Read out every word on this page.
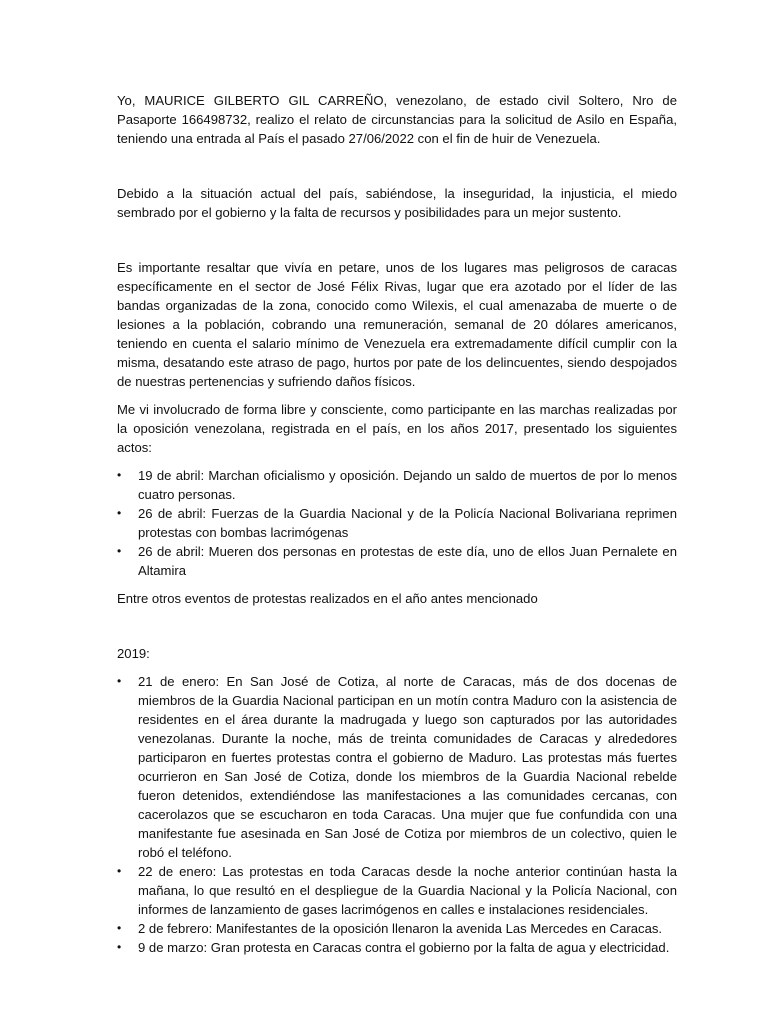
Yo, MAURICE GILBERTO GIL CARREÑO, venezolano, de estado civil Soltero, Nro de Pasaporte 166498732, realizo el relato de circunstancias para la solicitud de Asilo en España, teniendo una entrada al País el pasado 27/06/2022 con el fin de huir de Venezuela.

Debido a la situación actual del país, sabiéndose, la inseguridad, la injusticia, el miedo sembrado por el gobierno y la falta de recursos y posibilidades para un mejor sustento.

Es importante resaltar que vivía en petare, unos de los lugares mas peligrosos de caracas específicamente en el sector de José Félix Rivas, lugar que era azotado por el líder de las bandas organizadas de la zona, conocido como Wilexis, el cual amenazaba de muerte o de lesiones a la población, cobrando una remuneración, semanal de 20 dólares americanos, teniendo en cuenta el salario mínimo de Venezuela era extremadamente difícil cumplir con la misma, desatando este atraso de pago, hurtos por pate de los delincuentes, siendo despojados de nuestras pertenencias y sufriendo daños físicos.

Me vi involucrado de forma libre y consciente, como participante en las marchas realizadas por la oposición venezolana, registrada en el país, en los años 2017, presentado los siguientes actos:

• 19 de abril: Marchan oficialismo y oposición. Dejando un saldo de muertos de por lo menos cuatro personas.
• 26 de abril: Fuerzas de la Guardia Nacional y de la Policía Nacional Bolivariana reprimen protestas con bombas lacrimógenas
• 26 de abril: Mueren dos personas en protestas de este día, uno de ellos Juan Pernalete en Altamira

Entre otros eventos de protestas realizados en el año antes mencionado

2019:

• 21 de enero: En San José de Cotiza, al norte de Caracas, más de dos docenas de miembros de la Guardia Nacional participan en un motín contra Maduro con la asistencia de residentes en el área durante la madrugada y luego son capturados por las autoridades venezolanas. Durante la noche, más de treinta comunidades de Caracas y alrededores participaron en fuertes protestas contra el gobierno de Maduro. Las protestas más fuertes ocurrieron en San José de Cotiza, donde los miembros de la Guardia Nacional rebelde fueron detenidos, extendiéndose las manifestaciones a las comunidades cercanas, con cacerolazos que se escucharon en toda Caracas. Una mujer que fue confundida con una manifestante fue asesinada en San José de Cotiza por miembros de un colectivo, quien le robó el teléfono.
• 22 de enero: Las protestas en toda Caracas desde la noche anterior continúan hasta la mañana, lo que resultó en el despliegue de la Guardia Nacional y la Policía Nacional, con informes de lanzamiento de gases lacrimógenos en calles e instalaciones residenciales.
• 2 de febrero: Manifestantes de la oposición llenaron la avenida Las Mercedes en Caracas.
• 9 de marzo: Gran protesta en Caracas contra el gobierno por la falta de agua y electricidad.
